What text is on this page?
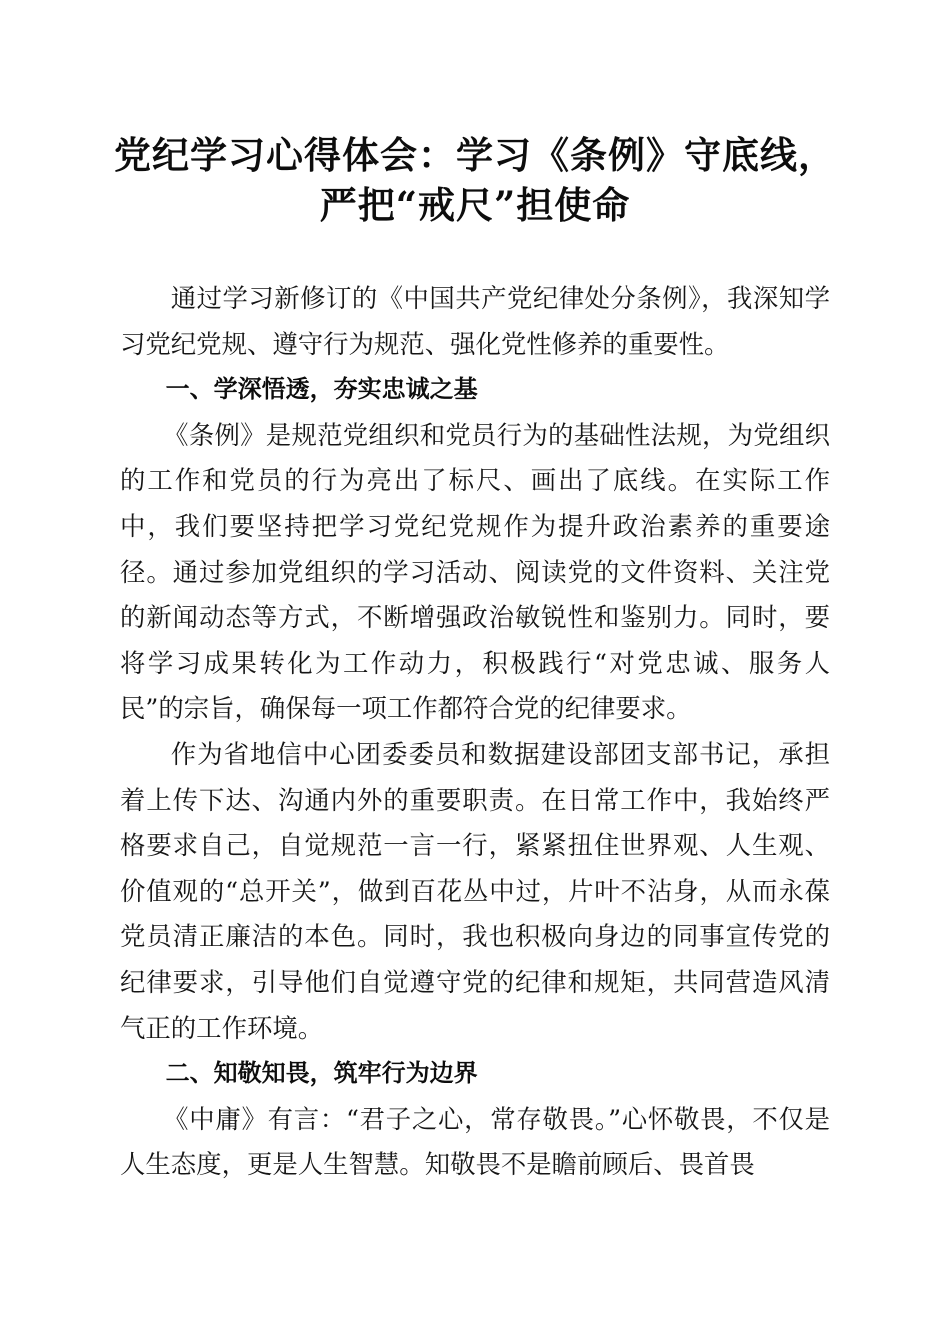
党纪学习心得体会：学习《条例》守底线，严把“戒尺”担使命

通过学习新修订的《中国共产党纪律处分条例》，我深知学习党纪党规、遵守行为规范、强化党性修养的重要性。

一、学深悟透，夯实忠诚之基

《条例》是规范党组织和党员行为的基础性法规，为党组织的工作和党员的行为亮出了标尺、画出了底线。在实际工作中，我们要坚持把学习党纪党规作为提升政治素养的重要途径。通过参加党组织的学习活动、阅读党的文件资料、关注党的新闻动态等方式，不断增强政治敏锐性和鉴别力。同时，要将学习成果转化为工作动力，积极践行“对党忠诚、服务人民”的宗旨，确保每一项工作都符合党的纪律要求。

作为省地信中心团委委员和数据建设部团支部书记，承担着上传下达、沟通内外的重要职责。在日常工作中，我始终严格要求自己，自觉规范一言一行，紧紧扭住世界观、人生观、价值观的“总开关”，做到百花丛中过，片叶不沾身，从而永葆党员清正廉洁的本色。同时，我也积极向身边的同事宣传党的纪律要求，引导他们自觉遵守党的纪律和规矩，共同营造风清气正的工作环境。

二、知敬知畏，筑牢行为边界

《中庸》有言：“君子之心，常存敬畏。”心怀敬畏，不仅是人生态度，更是人生智慧。知敬畏不是瞻前顾后、畏首畏
